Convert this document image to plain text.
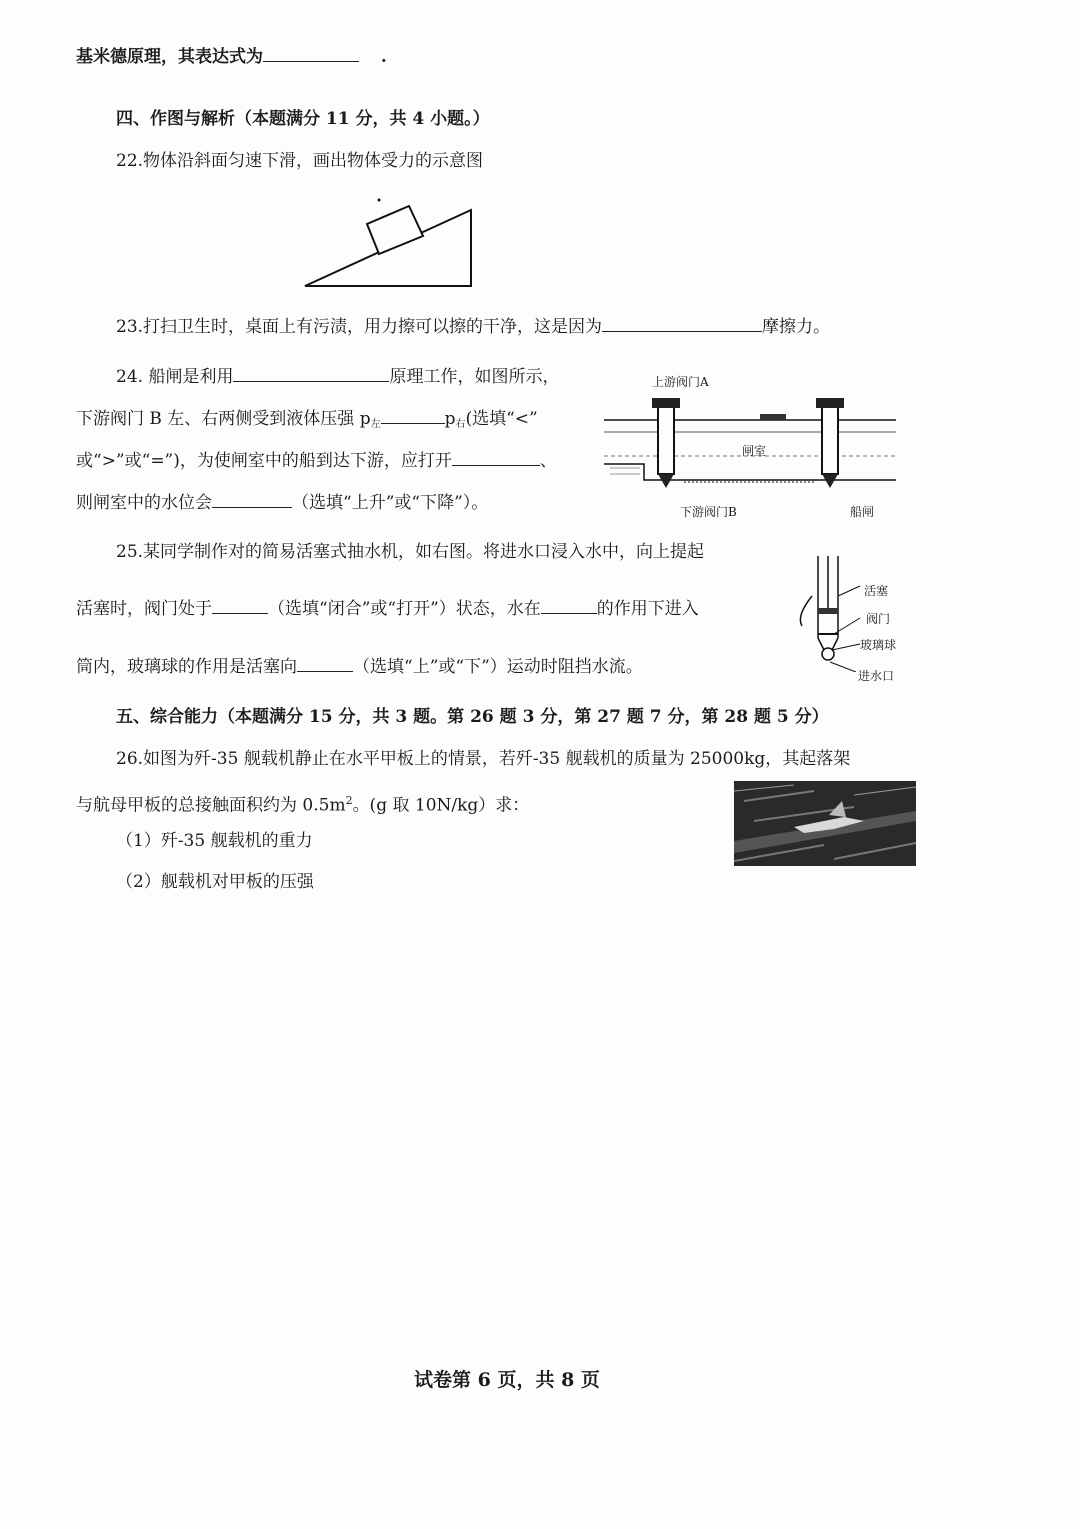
基米德原理，其表达式为	.
四、作图与解析（本题满分 11 分，共 4 小题。）
22.物体沿斜面匀速下滑，画出物体受力的示意图
23.打扫卫生时，桌面上有污渍，用力擦可以擦的干净，这是因为	摩擦力。
24. 船闸是利用	原理工作，如图所示，
下游阀门 B 左、右两侧受到液体压强 $p_左$	$p_右$(选填“<”
或“>”或“=”)，为使闸室中的船到达下游，应打开	、
则闸室中的水位会	（选填“上升”或“下降”）。
上游阀门A
闸室
下游阀门B	船闸
25.某同学制作对的简易活塞式抽水机，如右图。将进水口浸入水中，向上提起
活塞时，阀门处于	（选填“闭合”或“打开”）状态，水在	的作用下进入
筒内，玻璃球的作用是活塞向	（选填“上”或“下”）运动时阻挡水流。
活塞
阀门
玻璃球
进水口
五、综合能力（本题满分 15 分，共 3 题。第 26 题 3 分，第 27 题 7 分，第 28 题 5 分）
26.如图为歼-35 舰载机静止在水平甲板上的情景，若歼-35 舰载机的质量为 25000kg，其起落架
与航母甲板的总接触面积约为 $0.5m^2$。(g 取 10N/kg）求：
（1）歼-35 舰载机的重力
（2）舰载机对甲板的压强
试卷第 6 页，共 8 页
